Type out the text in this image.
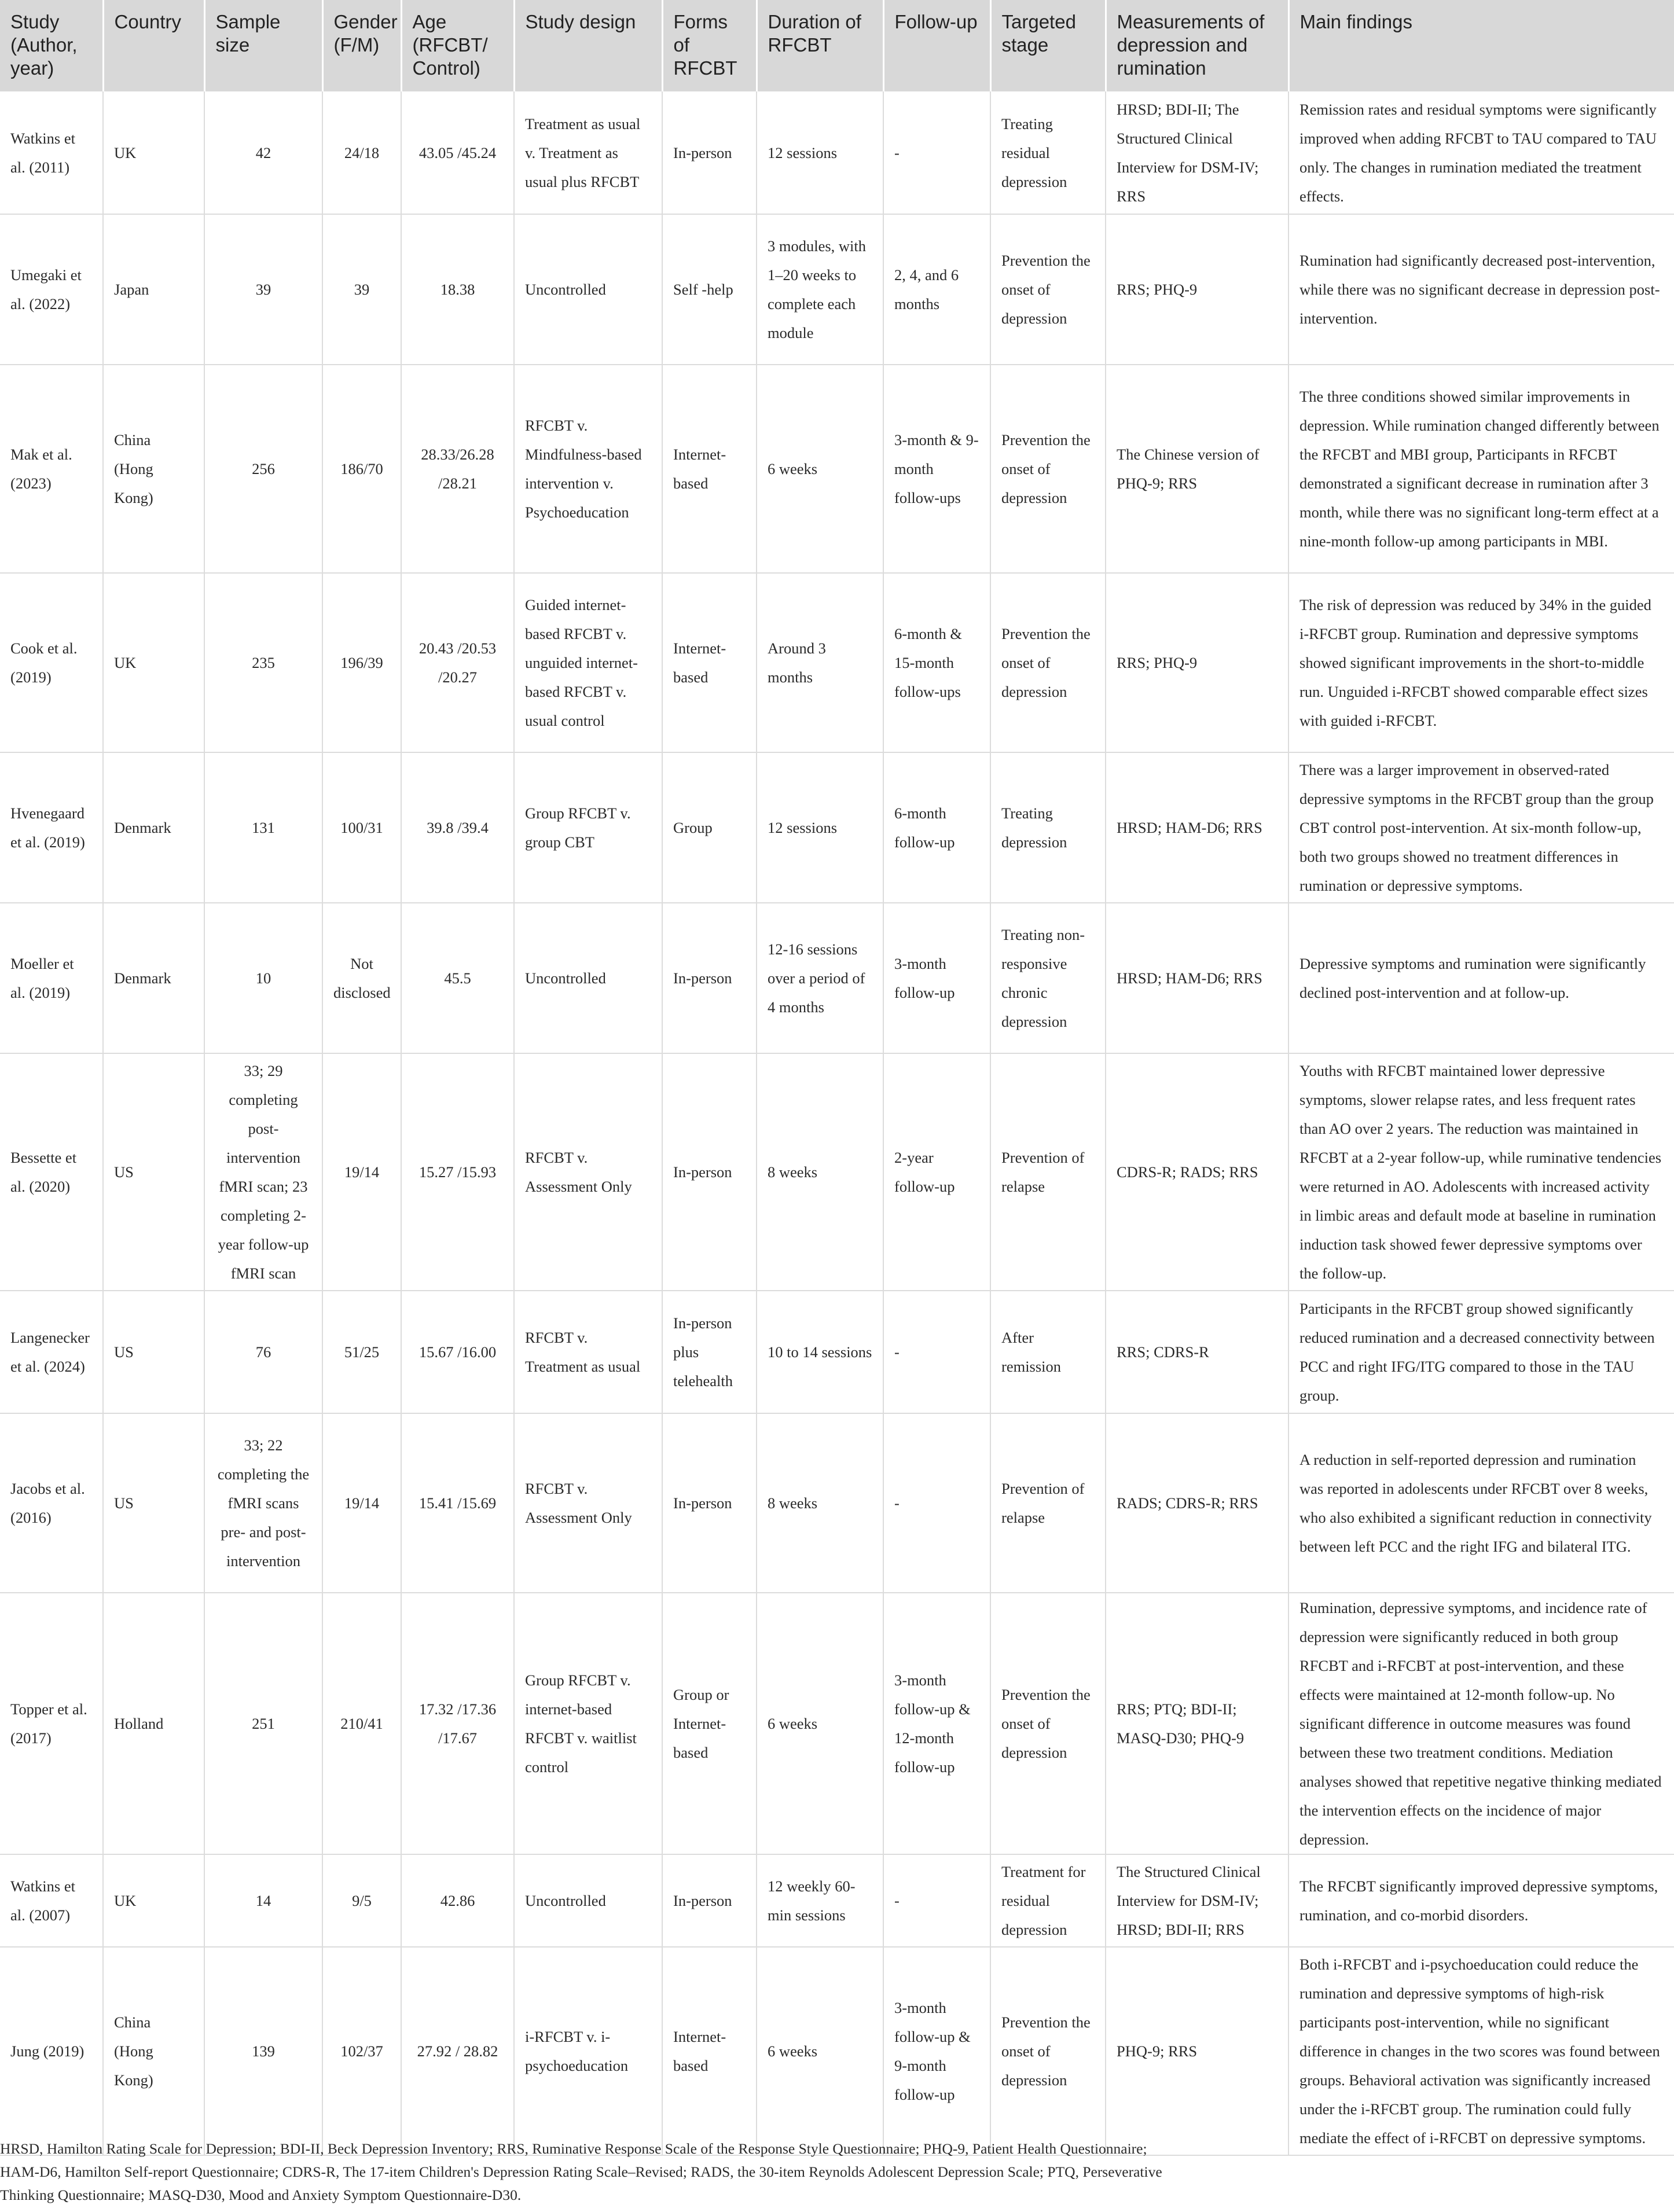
Study (Author, year)	Country	Sample size	Gender (F/M)	Age (RFCBT/ Control)	Study design	Forms of RFCBT	Duration of RFCBT	Follow-up	Targeted stage	Measurements of depression and rumination	Main findings
Watkins et al. (2011)	UK	42	24/18	43.05 /45.24	Treatment as usual v. Treatment as usual plus RFCBT	In-person	12 sessions	-	Treating residual depression	HRSD; BDI-II; The Structured Clinical Interview for DSM-IV; RRS	Remission rates and residual symptoms were significantly improved when adding RFCBT to TAU compared to TAU only. The changes in rumination mediated the treatment effects.
Umegaki et al. (2022)	Japan	39	39	18.38	Uncontrolled	Self -help	3 modules, with 1–20 weeks to complete each module	2, 4, and 6 months	Prevention the onset of depression	RRS; PHQ-9	Rumination had significantly decreased post-intervention, while there was no significant decrease in depression post-intervention.
Mak et al. (2023)	China (Hong Kong)	256	186/70	28.33/26.28 /28.21	RFCBT v. Mindfulness-based intervention v. Psychoeducation	Internet-based	6 weeks	3-month & 9-month follow-ups	Prevention the onset of depression	The Chinese version of PHQ-9; RRS	The three conditions showed similar improvements in depression. While rumination changed differently between the RFCBT and MBI group, Participants in RFCBT demonstrated a significant decrease in rumination after 3 month, while there was no significant long-term effect at a nine-month follow-up among participants in MBI.
Cook et al. (2019)	UK	235	196/39	20.43 /20.53 /20.27	Guided internet-based RFCBT v. unguided internet-based RFCBT v. usual control	Internet-based	Around 3 months	6-month & 15-month follow-ups	Prevention the onset of depression	RRS; PHQ-9	The risk of depression was reduced by 34% in the guided i-RFCBT group. Rumination and depressive symptoms showed significant improvements in the short-to-middle run. Unguided i-RFCBT showed comparable effect sizes with guided i-RFCBT.
Hvenegaard et al. (2019)	Denmark	131	100/31	39.8 /39.4	Group RFCBT v. group CBT	Group	12 sessions	6-month follow-up	Treating depression	HRSD; HAM-D6; RRS	There was a larger improvement in observed-rated depressive symptoms in the RFCBT group than the group CBT control post-intervention. At six-month follow-up, both two groups showed no treatment differences in rumination or depressive symptoms.
Moeller et al. (2019)	Denmark	10	Not disclosed	45.5	Uncontrolled	In-person	12-16 sessions over a period of 4 months	3-month follow-up	Treating non-responsive chronic depression	HRSD; HAM-D6; RRS	Depressive symptoms and rumination were significantly declined post-intervention and at follow-up.
Bessette et al. (2020)	US	33; 29 completing post-intervention fMRI scan; 23 completing 2-year follow-up fMRI scan	19/14	15.27 /15.93	RFCBT v. Assessment Only	In-person	8 weeks	2-year follow-up	Prevention of relapse	CDRS-R; RADS; RRS	Youths with RFCBT maintained lower depressive symptoms, slower relapse rates, and less frequent rates than AO over 2 years. The reduction was maintained in RFCBT at a 2-year follow-up, while ruminative tendencies were returned in AO. Adolescents with increased activity in limbic areas and default mode at baseline in rumination induction task showed fewer depressive symptoms over the follow-up.
Langenecker et al. (2024)	US	76	51/25	15.67 /16.00	RFCBT v. Treatment as usual	In-person plus telehealth	10 to 14 sessions	-	After remission	RRS; CDRS-R	Participants in the RFCBT group showed significantly reduced rumination and a decreased connectivity between PCC and right IFG/ITG compared to those in the TAU group.
Jacobs et al. (2016)	US	33; 22 completing the fMRI scans pre- and post-intervention	19/14	15.41 /15.69	RFCBT v. Assessment Only	In-person	8 weeks	-	Prevention of relapse	RADS; CDRS-R; RRS	A reduction in self-reported depression and rumination was reported in adolescents under RFCBT over 8 weeks, who also exhibited a significant reduction in connectivity between left PCC and the right IFG and bilateral ITG.
Topper et al. (2017)	Holland	251	210/41	17.32 /17.36 /17.67	Group RFCBT v. internet-based RFCBT v. waitlist control	Group or Internet-based	6 weeks	3-month follow-up & 12-month follow-up	Prevention the onset of depression	RRS; PTQ; BDI-II; MASQ-D30; PHQ-9	Rumination, depressive symptoms, and incidence rate of depression were significantly reduced in both group RFCBT and i-RFCBT at post-intervention, and these effects were maintained at 12-month follow-up. No significant difference in outcome measures was found between these two treatment conditions. Mediation analyses showed that repetitive negative thinking mediated the intervention effects on the incidence of major depression.
Watkins et al. (2007)	UK	14	9/5	42.86	Uncontrolled	In-person	12 weekly 60-min sessions	-	Treatment for residual depression	The Structured Clinical Interview for DSM-IV; HRSD; BDI-II; RRS	The RFCBT significantly improved depressive symptoms, rumination, and co-morbid disorders.
Jung (2019)	China (Hong Kong)	139	102/37	27.92 / 28.82	i-RFCBT v. i-psychoeducation	Internet-based	6 weeks	3-month follow-up & 9-month follow-up	Prevention the onset of depression	PHQ-9; RRS	Both i-RFCBT and i-psychoeducation could reduce the rumination and depressive symptoms of high-risk participants post-intervention, while no significant difference in changes in the two scores was found between groups. Behavioral activation was significantly increased under the i-RFCBT group. The rumination could fully mediate the effect of i-RFCBT on depressive symptoms.

HRSD, Hamilton Rating Scale for Depression; BDI-II, Beck Depression Inventory; RRS, Ruminative Response Scale of the Response Style Questionnaire; PHQ-9, Patient Health Questionnaire;
HAM-D6, Hamilton Self-report Questionnaire; CDRS-R, The 17-item Children's Depression Rating Scale–Revised; RADS, the 30-item Reynolds Adolescent Depression Scale; PTQ, Perseverative
Thinking Questionnaire; MASQ-D30, Mood and Anxiety Symptom Questionnaire-D30.
